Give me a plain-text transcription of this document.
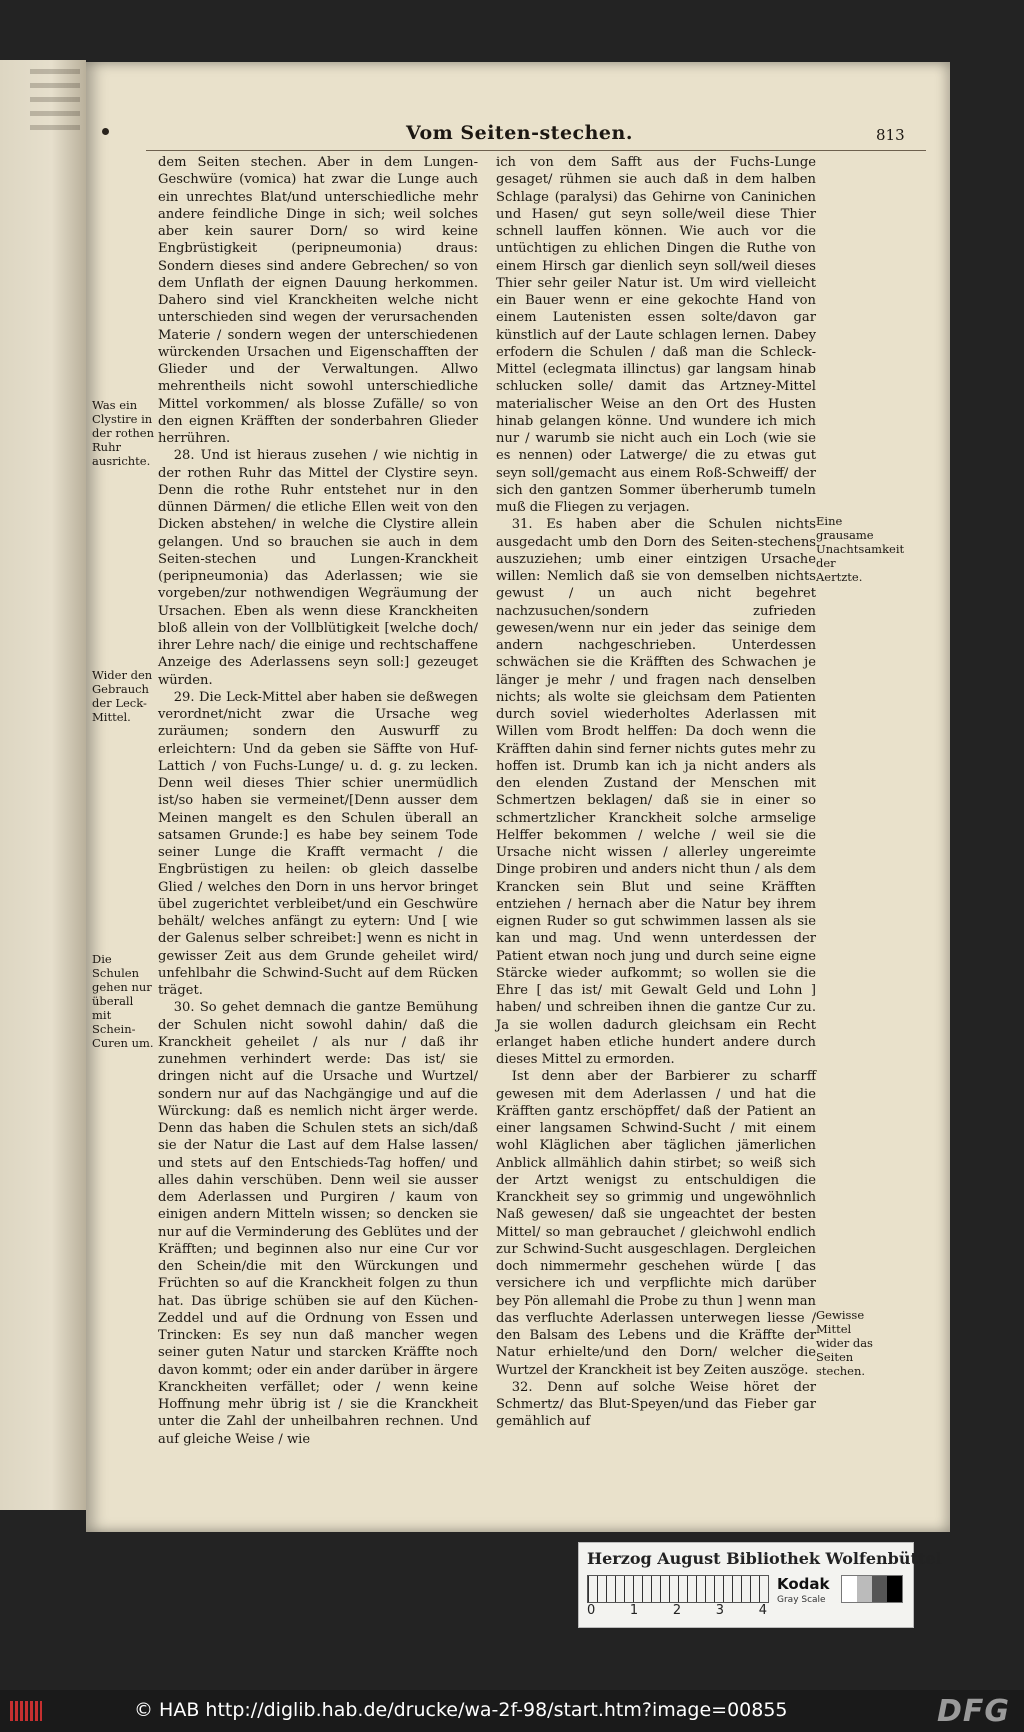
Vom Seiten-stechen.	813

dem Seiten stechen. Aber in dem Lungen-Geschwüre (vomica) hat zwar die Lunge auch ein unrechtes Blat/und unterschiedliche mehr andere feindliche Dinge in sich; weil solches aber kein saurer Dorn/ so wird keine Engbrüstigkeit (peripneumonia) draus: Sondern dieses sind andere Gebrechen/ so von dem Unflath der eignen Dauung herkommen. Dahero sind viel Kranckheiten welche nicht unterschieden sind wegen der verursachenden Materie / sondern wegen der unterschiedenen würckenden Ursachen und Eigenschafften der Glieder und der Verwaltungen. Allwo mehrentheils nicht sowohl unterschiedliche Mittel vorkommen/ als blosse Zufälle/ so von den eignen Kräfften der sonderbahren Glieder herrühren.

28. Und ist hieraus zusehen / wie nichtig in der rothen Ruhr das Mittel der Clystire seyn. Denn die rothe Ruhr entstehet nur in den dünnen Därmen/ die etliche Ellen weit von den Dicken abstehen/ in welche die Clystire allein gelangen. Und so brauchen sie auch in dem Seiten-stechen und Lungen-Kranckheit (peripneumonia) das Aderlassen; wie sie vorgeben/zur nothwendigen Wegräumung der Ursachen. Eben als wenn diese Kranckheiten bloß allein von der Vollblütigkeit [welche doch/ ihrer Lehre nach/ die einige und rechtschaffene Anzeige des Aderlassens seyn soll:] gezeuget würden.

29. Die Leck-Mittel aber haben sie deßwegen verordnet/nicht zwar die Ursache weg zuräumen; sondern den Auswurff zu erleichtern: Und da geben sie Säffte von Huf-Lattich / von Fuchs-Lunge/ u. d. g. zu lecken. Denn weil dieses Thier schier unermüdlich ist/so haben sie vermeinet/[Denn ausser dem Meinen mangelt es den Schulen überall an satsamen Grunde:] es habe bey seinem Tode seiner Lunge die Krafft vermacht / die Engbrüstigen zu heilen: ob gleich dasselbe Glied / welches den Dorn in uns hervor bringet übel zugerichtet verbleibet/und ein Geschwüre behält/ welches anfängt zu eytern: Und [ wie der Galenus selber schreibet:] wenn es nicht in gewisser Zeit aus dem Grunde geheilet wird/ unfehlbahr die Schwind-Sucht auf dem Rücken träget.

30. So gehet demnach die gantze Bemühung der Schulen nicht sowohl dahin/ daß die Kranckheit geheilet / als nur / daß ihr zunehmen verhindert werde: Das ist/ sie dringen nicht auf die Ursache und Wurtzel/ sondern nur auf das Nachgängige und auf die Würckung: daß es nemlich nicht ärger werde. Denn das haben die Schulen stets an sich/daß sie der Natur die Last auf dem Halse lassen/ und stets auf den Entschieds-Tag hoffen/ und alles dahin verschüben. Denn weil sie ausser dem Aderlassen und Purgiren / kaum von einigen andern Mitteln wissen; so dencken sie nur auf die Verminderung des Geblütes und der Kräfften; und beginnen also nur eine Cur vor den Schein/die mit den Würckungen und Früchten so auf die Kranckheit folgen zu thun hat. Das übrige schüben sie auf den Küchen-Zeddel und auf die Ordnung von Essen und Trincken: Es sey nun daß mancher wegen seiner guten Natur und starcken Kräffte noch davon kommt; oder ein ander darüber in ärgere Kranckheiten verfället; oder / wenn keine Hoffnung mehr übrig ist / sie die Kranckheit unter die Zahl der unheilbahren rechnen. Und auf gleiche Weise / wie

ich von dem Safft aus der Fuchs-Lunge gesaget/ rühmen sie auch daß in dem halben Schlage (paralysi) das Gehirne von Caninichen und Hasen/ gut seyn solle/weil diese Thier schnell lauffen können. Wie auch vor die untüchtigen zu ehlichen Dingen die Ruthe von einem Hirsch gar dienlich seyn soll/weil dieses Thier sehr geiler Natur ist. Um wird vielleicht ein Bauer wenn er eine gekochte Hand von einem Lautenisten essen solte/davon gar künstlich auf der Laute schlagen lernen. Dabey erfodern die Schulen / daß man die Schleck-Mittel (eclegmata illinctus) gar langsam hinab schlucken solle/ damit das Artzney-Mittel materialischer Weise an den Ort des Husten hinab gelangen könne. Und wundere ich mich nur / warumb sie nicht auch ein Loch (wie sie es nennen) oder Latwerge/ die zu etwas gut seyn soll/gemacht aus einem Roß-Schweiff/ der sich den gantzen Sommer überherumb tumeln muß die Fliegen zu verjagen.

31. Es haben aber die Schulen nichts ausgedacht umb den Dorn des Seiten-stechens auszuziehen; umb einer eintzigen Ursache willen: Nemlich daß sie von demselben nichts gewust / un auch nicht begehret nachzusuchen/sondern zufrieden gewesen/wenn nur ein jeder das seinige dem andern nachgeschrieben. Unterdessen schwächen sie die Kräfften des Schwachen je länger je mehr / und fragen nach denselben nichts; als wolte sie gleichsam dem Patienten durch soviel wiederholtes Aderlassen mit Willen vom Brodt helffen: Da doch wenn die Kräfften dahin sind ferner nichts gutes mehr zu hoffen ist. Drumb kan ich ja nicht anders als den elenden Zustand der Menschen mit Schmertzen beklagen/ daß sie in einer so schmertzlicher Kranckheit solche armselige Helffer bekommen / welche / weil sie die Ursache nicht wissen / allerley ungereimte Dinge probiren und anders nicht thun / als dem Krancken sein Blut und seine Kräfften entziehen / hernach aber die Natur bey ihrem eignen Ruder so gut schwimmen lassen als sie kan und mag. Und wenn unterdessen der Patient etwan noch jung und durch seine eigne Stärcke wieder aufkommt; so wollen sie die Ehre [ das ist/ mit Gewalt Geld und Lohn ] haben/ und schreiben ihnen die gantze Cur zu. Ja sie wollen dadurch gleichsam ein Recht erlanget haben etliche hundert andere durch dieses Mittel zu ermorden.

Ist denn aber der Barbierer zu scharff gewesen mit dem Aderlassen / und hat die Kräfften gantz erschöpffet/ daß der Patient an einer langsamen Schwind-Sucht / mit einem wohl Kläglichen aber täglichen jämerlichen Anblick allmählich dahin stirbet; so weiß sich der Artzt wenigst zu entschuldigen die Kranckheit sey so grimmig und ungewöhnlich Naß gewesen/ daß sie ungeachtet der besten Mittel/ so man gebrauchet / gleichwohl endlich zur Schwind-Sucht ausgeschlagen. Dergleichen doch nimmermehr geschehen würde [ das versichere ich und verpflichte mich darüber bey Pön allemahl die Probe zu thun ] wenn man das verfluchte Aderlassen unterwegen liesse / den Balsam des Lebens und die Kräffte der Natur erhielte/und den Dorn/ welcher die Wurtzel der Kranckheit ist bey Zeiten auszöge.

32. Denn auf solche Weise höret der Schmertz/ das Blut-Speyen/und das Fieber gar gemählich auf

Was ein Clystire in der rothen Ruhr ausrichte.
Wider den Gebrauch der Leck-Mittel.
Die Schulen gehen nur überall mit Schein-Curen um.
Eine grausame Unachtsamkeit der Aertzte.
Gewisse Mittel wider das Seiten stechen.
Herzog August Bibliothek Wolfenbüttel
0	1	2	3	4
Kodak
Gray Scale
© HAB http://diglib.hab.de/drucke/wa-2f-98/start.htm?image=00855	DFG
